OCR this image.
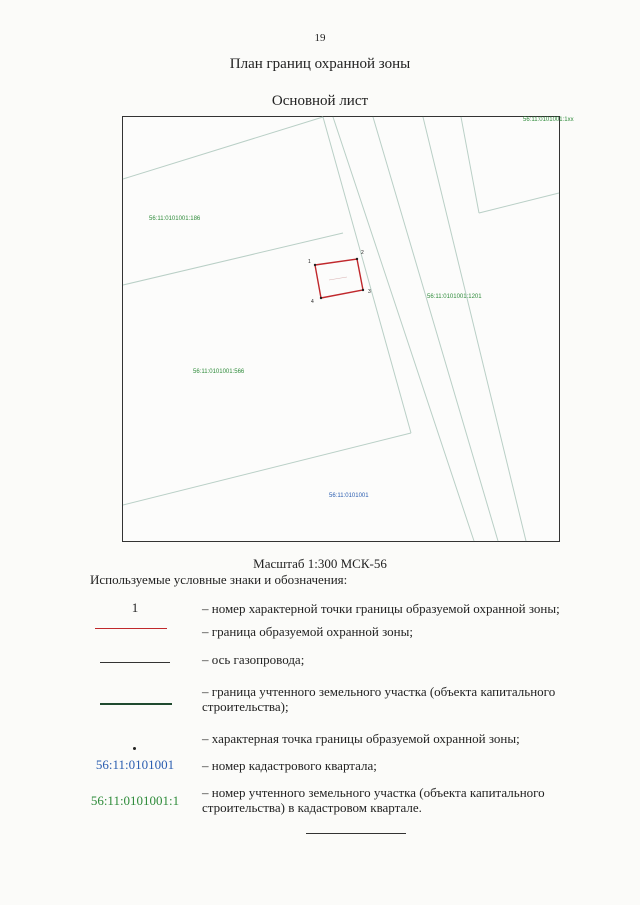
19
План границ охранной зоны
Основной лист
56:11:0101001:1xx
56:11:0101001:186
56:11:0101001:1201
56:11:0101001:566
56:11:0101001
1
2
3
4
Масштаб 1:300 МСК-56
Используемые условные знаки и обозначения:
1	– номер характерной точки границы образуемой охранной зоны;
– граница образуемой охранной зоны;
– ось газопровода;
– граница учтенного земельного участка (объекта капитального строительства);
– характерная точка границы образуемой охранной зоны;
56:11:0101001	– номер кадастрового квартала;
56:11:0101001:1
– номер учтенного земельного участка (объекта капитального строительства) в кадастровом квартале.
